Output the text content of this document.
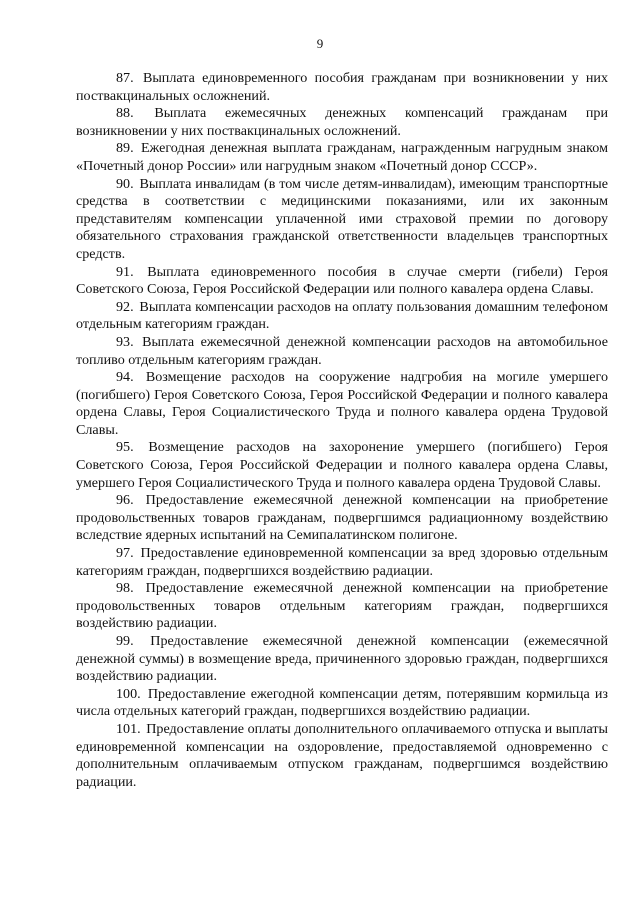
9

87. Выплата единовременного пособия гражданам при возникновении у них поствакцинальных осложнений.

88. Выплата ежемесячных денежных компенсаций гражданам при возникновении у них поствакцинальных осложнений.

89. Ежегодная денежная выплата гражданам, награжденным нагрудным знаком «Почетный донор России» или нагрудным знаком «Почетный донор СССР».

90. Выплата инвалидам (в том числе детям-инвалидам), имеющим транспортные средства в соответствии с медицинскими показаниями, или их законным представителям компенсации уплаченной ими страховой премии по договору обязательного страхования гражданской ответственности владельцев транспортных средств.

91. Выплата единовременного пособия в случае смерти (гибели) Героя Советского Союза, Героя Российской Федерации или полного кавалера ордена Славы.

92. Выплата компенсации расходов на оплату пользования домашним телефоном отдельным категориям граждан.

93. Выплата ежемесячной денежной компенсации расходов на автомобильное топливо отдельным категориям граждан.

94. Возмещение расходов на сооружение надгробия на могиле умершего (погибшего) Героя Советского Союза, Героя Российской Федерации и полного кавалера ордена Славы, Героя Социалистического Труда и полного кавалера ордена Трудовой Славы.

95. Возмещение расходов на захоронение умершего (погибшего) Героя Советского Союза, Героя Российской Федерации и полного кавалера ордена Славы, умершего Героя Социалистического Труда и полного кавалера ордена Трудовой Славы.

96. Предоставление ежемесячной денежной компенсации на приобретение продовольственных товаров гражданам, подвергшимся радиационному воздействию вследствие ядерных испытаний на Семипалатинском полигоне.

97. Предоставление единовременной компенсации за вред здоровью отдельным категориям граждан, подвергшихся воздействию радиации.

98. Предоставление ежемесячной денежной компенсации на приобретение продовольственных товаров отдельным категориям граждан, подвергшихся воздействию радиации.

99. Предоставление ежемесячной денежной компенсации (ежемесячной денежной суммы) в возмещение вреда, причиненного здоровью граждан, подвергшихся воздействию радиации.

100. Предоставление ежегодной компенсации детям, потерявшим кормильца из числа отдельных категорий граждан, подвергшихся воздействию радиации.

101. Предоставление оплаты дополнительного оплачиваемого отпуска и выплаты единовременной компенсации на оздоровление, предоставляемой одновременно с дополнительным оплачиваемым отпуском гражданам, подвергшимся воздействию радиации.
